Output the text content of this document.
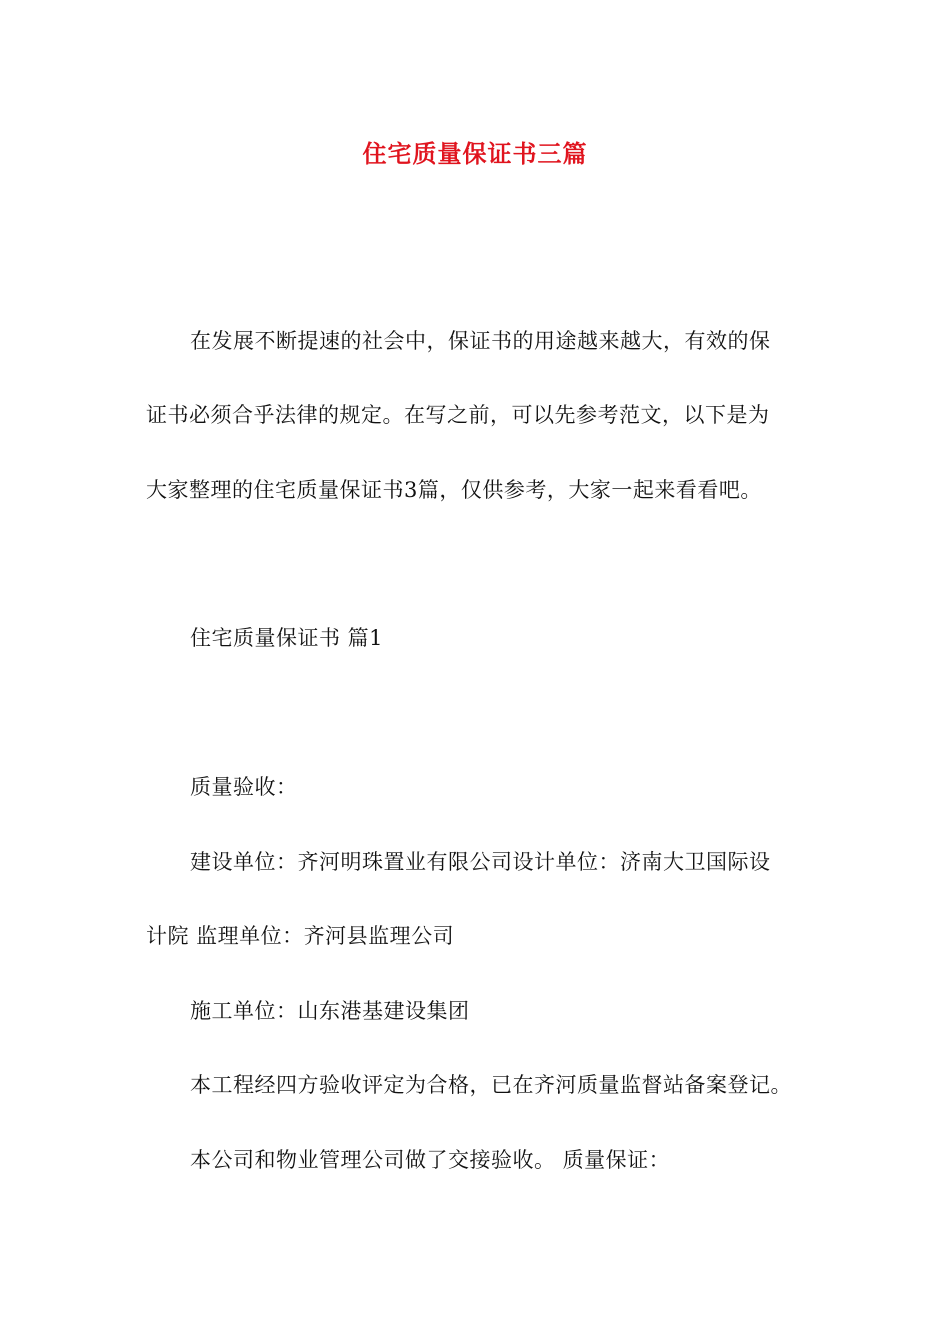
住宅质量保证书三篇
在发展不断提速的社会中，保证书的用途越来越大，有效的保
证书必须合乎法律的规定。在写之前，可以先参考范文，以下是为
大家整理的住宅质量保证书3篇，仅供参考，大家一起来看看吧。
住宅质量保证书 篇1
质量验收：
建设单位：齐河明珠置业有限公司设计单位：济南大卫国际设
计院 监理单位：齐河县监理公司
施工单位：山东港基建设集团
本工程经四方验收评定为合格，已在齐河质量监督站备案登记。
本公司和物业管理公司做了交接验收。 质量保证：
